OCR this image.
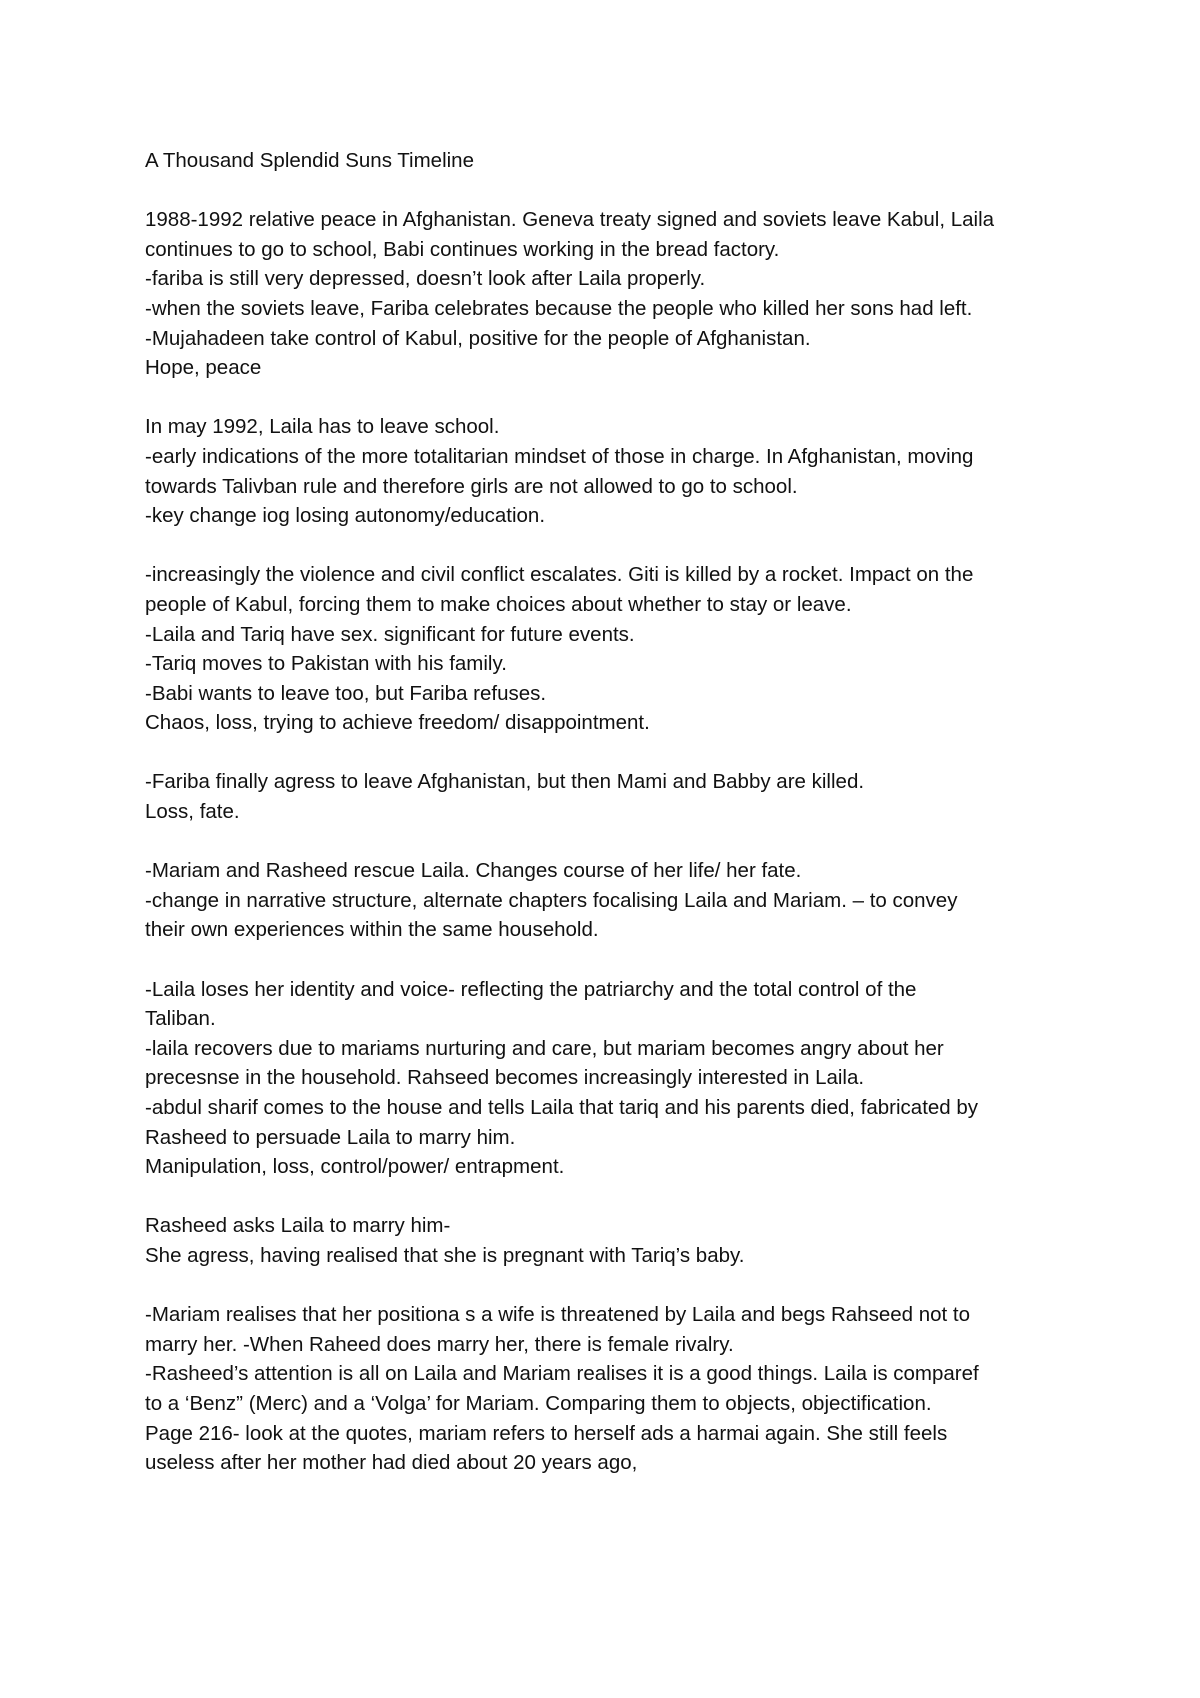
A Thousand Splendid Suns Timeline
1988-1992 relative peace in Afghanistan. Geneva treaty signed and soviets leave Kabul, Laila
continues to go to school, Babi continues working in the bread factory.
-fariba is still very depressed, doesn’t look after Laila properly.
-when the soviets leave, Fariba celebrates because the people who killed her sons had left.
-Mujahadeen take control of Kabul, positive for the people of Afghanistan.
Hope, peace
In may 1992, Laila has to leave school.
-early indications of the more totalitarian mindset of those in charge. In Afghanistan, moving
towards Talivban rule and therefore girls are not allowed to go to school.
-key change iog losing autonomy/education.
-increasingly the violence and civil conflict escalates. Giti is killed by a rocket. Impact on the
people of Kabul, forcing them to make choices about whether to stay or leave.
-Laila and Tariq have sex. significant for future events.
-Tariq moves to Pakistan with his family.
-Babi wants to leave too, but Fariba refuses.
Chaos, loss, trying to achieve freedom/ disappointment.
-Fariba finally agress to leave Afghanistan, but then Mami and Babby are killed.
Loss, fate.
-Mariam and Rasheed rescue Laila. Changes course of her life/ her fate.
-change in narrative structure, alternate chapters focalising Laila and Mariam. – to convey
their own experiences within the same household.
-Laila loses her identity and voice- reflecting the patriarchy and the total control of the
Taliban.
-laila recovers due to mariams nurturing and care, but mariam becomes angry about her
precesnse in the household. Rahseed becomes increasingly interested in Laila.
-abdul sharif comes to the house and tells Laila that tariq and his parents died, fabricated by
Rasheed to persuade Laila to marry him.
Manipulation, loss, control/power/ entrapment.
Rasheed asks Laila to marry him-
She agress, having realised that she is pregnant with Tariq’s baby.
-Mariam realises that her positiona s a wife is threatened by Laila and begs Rahseed not to
marry her. -When Raheed does marry her, there is female rivalry.
-Rasheed’s attention is all on Laila and Mariam realises it is a good things. Laila is comparef
to a ‘Benz” (Merc) and a ‘Volga’ for Mariam. Comparing them to objects, objectification.
Page 216- look at the quotes, mariam refers to herself ads a harmai again. She still feels
useless after her mother had died about 20 years ago,
